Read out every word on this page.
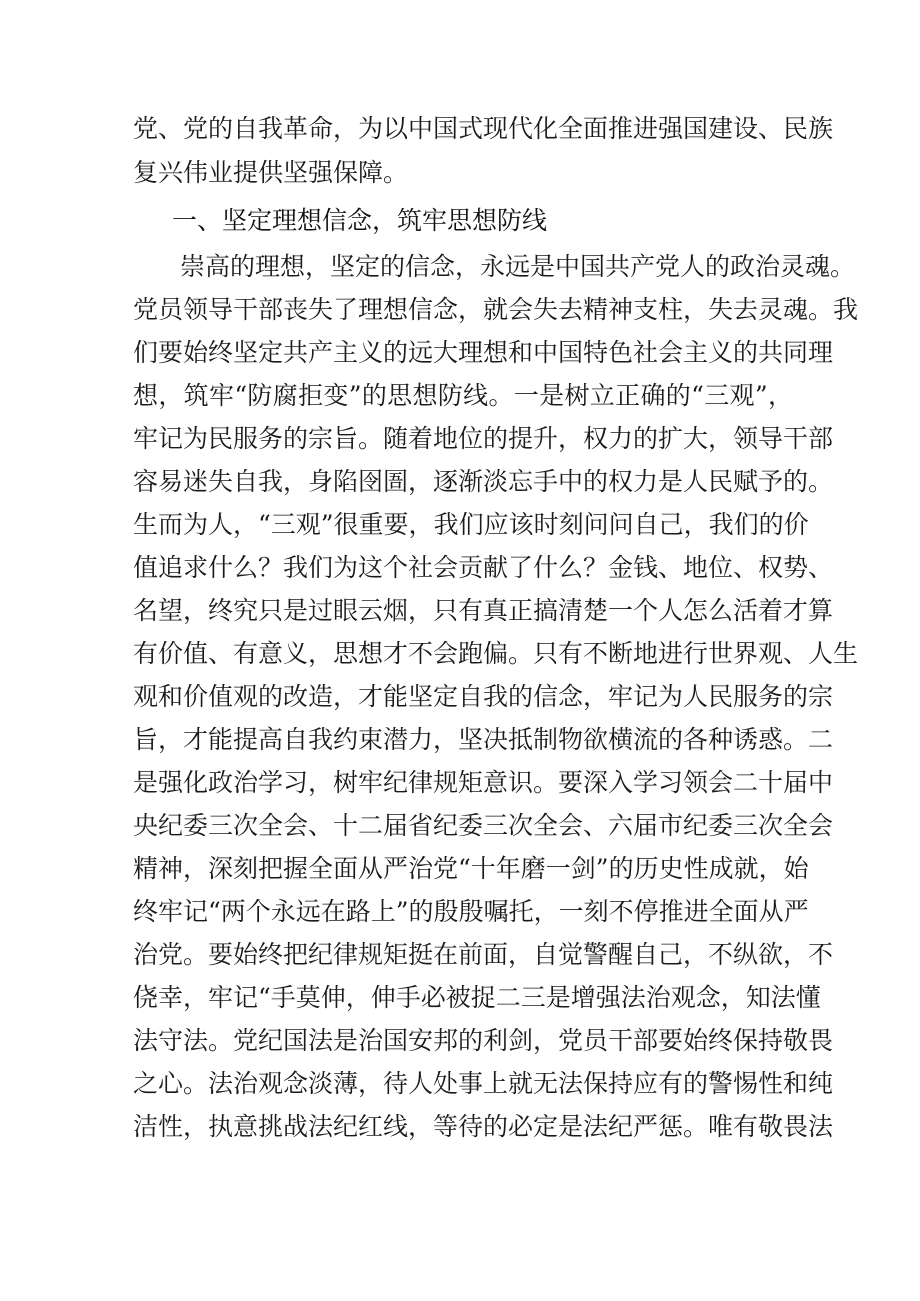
党、党的自我革命，为以中国式现代化全面推进强国建设、民族
复兴伟业提供坚强保障。
一、坚定理想信念，筑牢思想防线
崇高的理想，坚定的信念，永远是中国共产党人的政治灵魂。
党员领导干部丧失了理想信念，就会失去精神支柱，失去灵魂。我
们要始终坚定共产主义的远大理想和中国特色社会主义的共同理
想，筑牢“防腐拒变”的思想防线。一是树立正确的“三观”，
牢记为民服务的宗旨。随着地位的提升，权力的扩大，领导干部
容易迷失自我，身陷囹圄，逐渐淡忘手中的权力是人民赋予的。
生而为人，“三观”很重要，我们应该时刻问问自己，我们的价
值追求什么？我们为这个社会贡献了什么？金钱、地位、权势、
名望，终究只是过眼云烟，只有真正搞清楚一个人怎么活着才算
有价值、有意义，思想才不会跑偏。只有不断地进行世界观、人生
观和价值观的改造，才能坚定自我的信念，牢记为人民服务的宗
旨，才能提高自我约束潜力，坚决抵制物欲横流的各种诱惑。二
是强化政治学习，树牢纪律规矩意识。要深入学习领会二十届中
央纪委三次全会、十二届省纪委三次全会、六届市纪委三次全会
精神，深刻把握全面从严治党“十年磨一剑”的历史性成就，始
终牢记“两个永远在路上”的殷殷嘱托，一刻不停推进全面从严
治党。要始终把纪律规矩挺在前面，自觉警醒自己，不纵欲，不
侥幸，牢记“手莫伸，伸手必被捉二三是增强法治观念，知法懂
法守法。党纪国法是治国安邦的利剑，党员干部要始终保持敬畏
之心。法治观念淡薄，待人处事上就无法保持应有的警惕性和纯
洁性，执意挑战法纪红线，等待的必定是法纪严惩。唯有敬畏法
